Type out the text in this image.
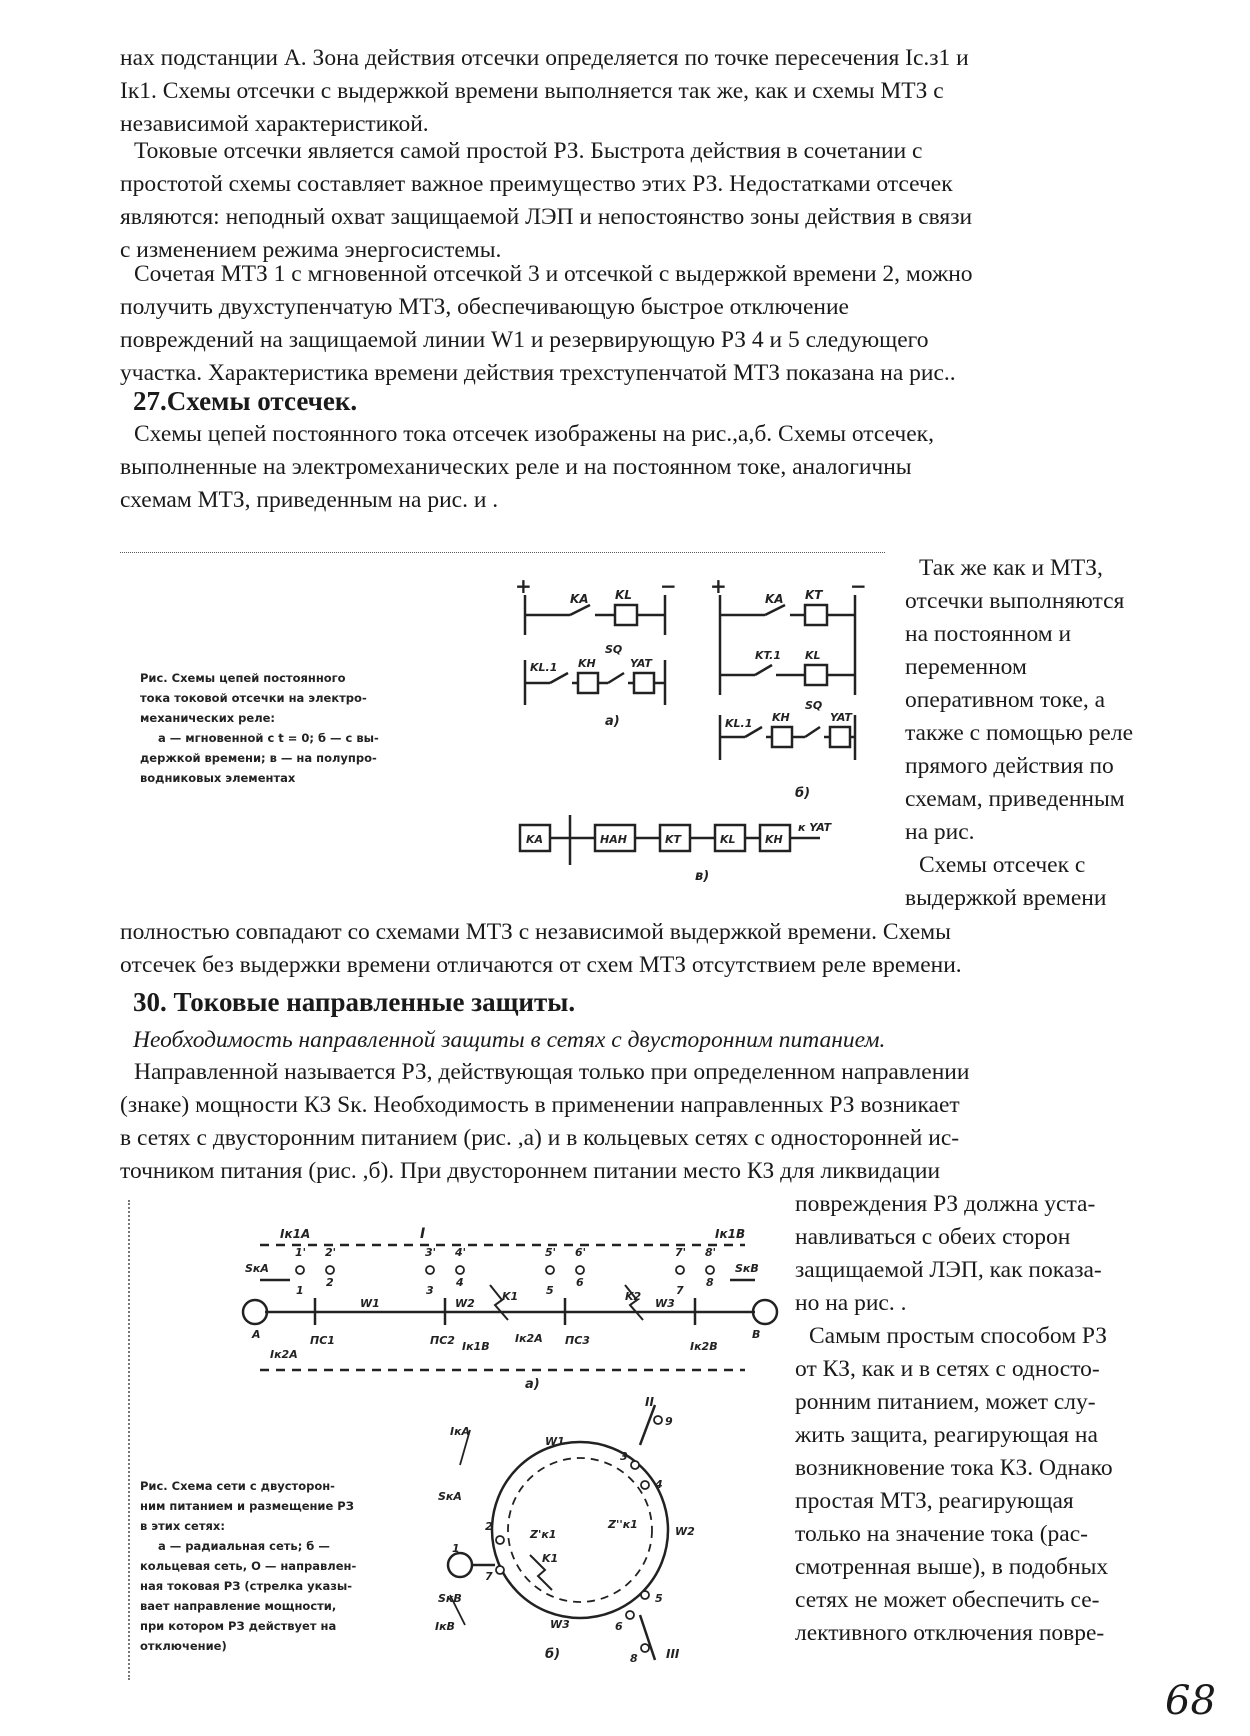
нах подстанции А. Зона действия отсечки определяется по точке пересечения Ic.з1 и
Iк1. Схемы отсечки с выдержкой времени выполняется так же, как и схемы МТЗ с
независимой характеристикой.
Токовые отсечки является самой простой РЗ. Быстрота действия в сочетании с
простотой схемы составляет важное преимущество этих РЗ. Недостатками отсечек
являются: неподный охват защищаемой ЛЭП и непостоянство зоны действия в связи
с изменением режима энергосистемы.
Сочетая МТЗ 1 с мгновенной отсечкой 3 и отсечкой с выдержкой времени 2, можно
получить двухступенчатую МТЗ, обеспечивающую быстрое отключение
повреждений на защищаемой линии W1 и резервирующую РЗ 4 и 5 следующего
участка. Характеристика времени действия трехступенчатой МТЗ показана на рис..
27.Схемы отсечек.
Схемы цепей постоянного тока отсечек изображены на рис.,а,б. Схемы отсечек,
выполненные на электромеханических реле и на постоянном токе, аналогичны
схемам МТЗ, приведенным на рис. и .
Так же как и МТЗ,
отсечки выполняются
на постоянном и
переменном
оперативном токе, а
также с помощью реле
прямого действия по
схемам, приведенным
на рис.
Схемы отсечек с
выдержкой времени
Рис. Схемы цепей постоянного
тока токовой отсечки на электро-
механических реле:
а — мгновенной с t = 0; б — с вы-
держкой времени; в — на полупро-
водниковых элементах
+	− +	−
KA KL	KA KT
KL.1 KH
SQ
YAT
KT.1 KL
KL.1 KH
SQ
YAT
а)
б)
KA	НАН	KT	KL	KH
к YAT
в)
полностью совпадают со схемами МТЗ с независимой выдержкой времени. Схемы
отсечек без выдержки времени отличаются от схем МТЗ отсутствием реле времени.
30. Токовые направленные защиты.
Необходимость направленной защиты в сетях с двусторонним питанием.
Направленной называется РЗ, действующая только при определенном направлении
(знаке) мощности КЗ Sк. Необходимость в применении направленных РЗ возникает
в сетях с двусторонним питанием (рис. ,а) и в кольцевых сетях с односторонней ис-
точником питания (рис. ,б). При двустороннем питании место КЗ для ликвидации
повреждения РЗ должна уста-
навливаться с обеих сторон
защищаемой ЛЭП, как показа-
но на рис. .
Самым простым способом РЗ
от КЗ, как и в сетях с односто-
ронним питанием, может слу-
жить защита, реагирующая на
возникновение тока КЗ. Однако
простая МТЗ, реагирующая
только на значение тока (рас-
смотренная выше), в подобных
сетях не может обеспечить се-
лективного отключения повре-
Iк1А	I	Iк1В
SкА	SкВ
1' 2'	3' 4'	5' 6'	7' 8'
1
2
3
4
5
6
7
8
K1	K2
W1	W2	W3
A	B
ПС1	ПС2	ПС3
Iк2А
Iк1В
Iк2А
Iк2В
а)
Рис. Схема сети с двусторон-
ним питанием и размещение РЗ
в этих сетях:
а — радиальная сеть; б —
кольцевая сеть, О — направлен-
ная токовая РЗ (стрелка указы-
вает направление мощности,
при котором РЗ действует на
отключение)
II
III
IкА
IкВ
SкА
SкВ
W1
W2
W3
K1
Z'к1
Z''к1
2
7
1
3
4
5
6
9
8
б)
68
